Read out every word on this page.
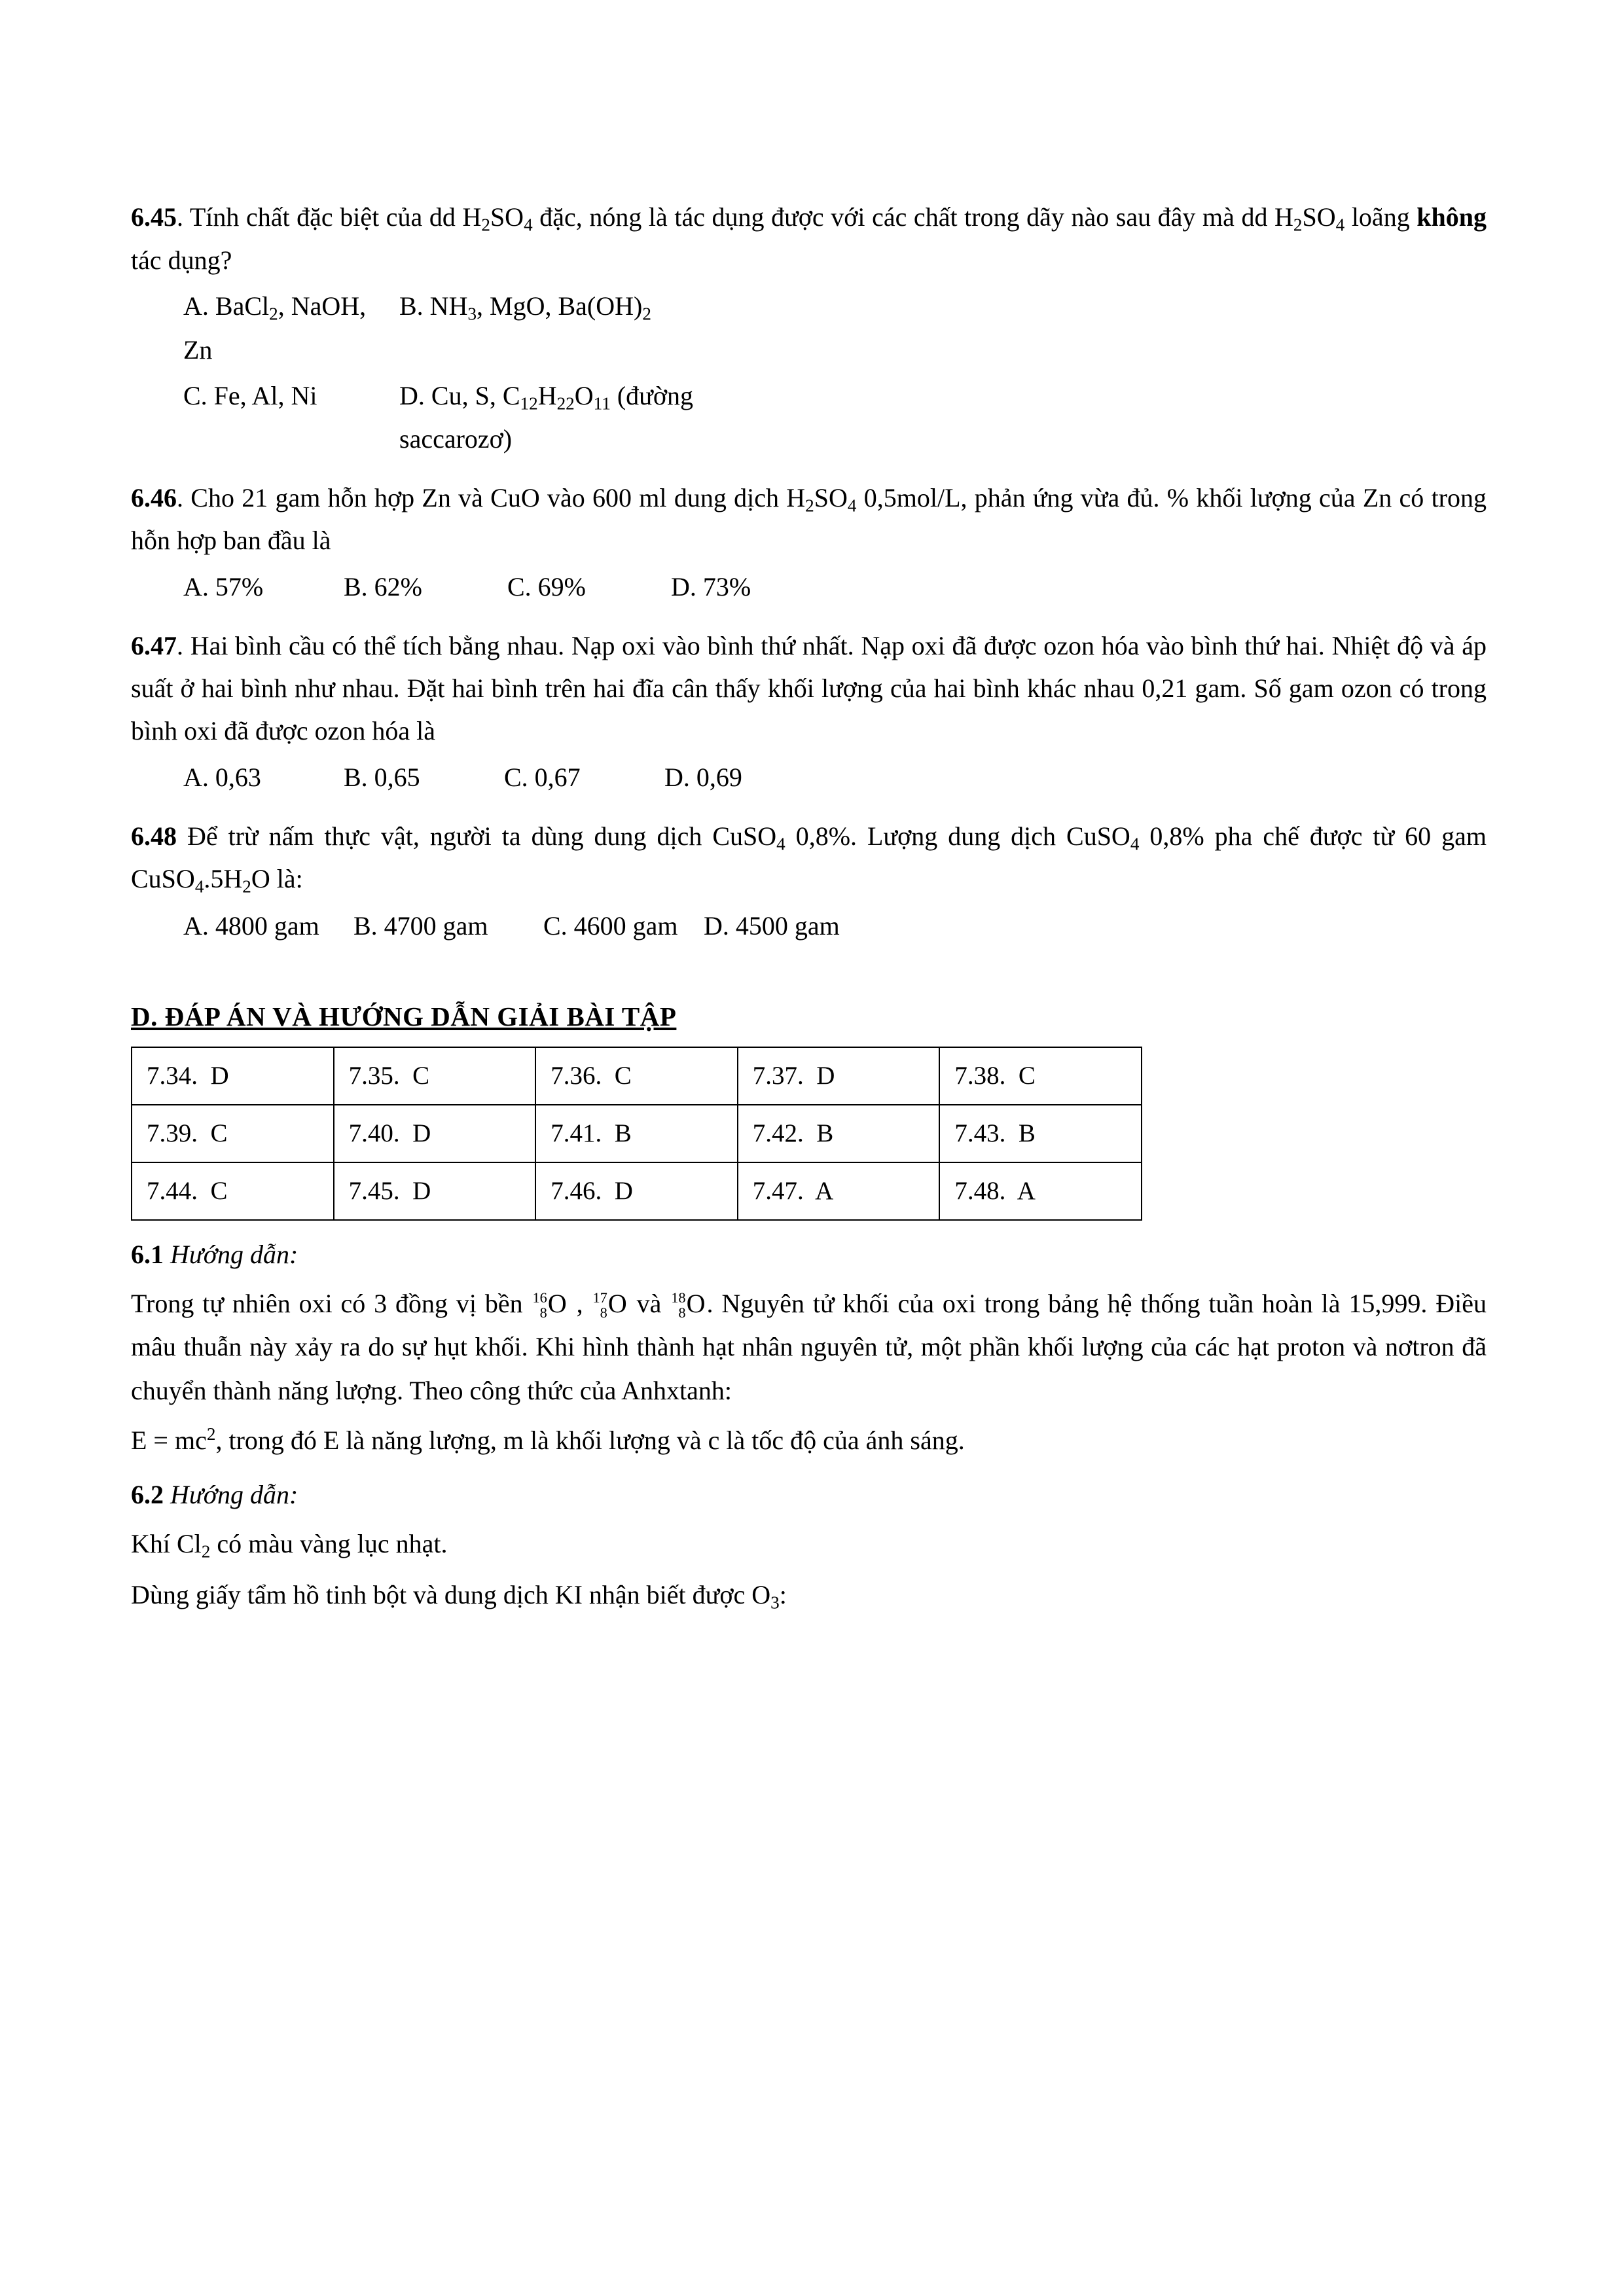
6.45. Tính chất đặc biệt của dd $H_2SO_4$ đặc, nóng là tác dụng được với các chất trong dãy nào sau đây mà dd $H_2SO_4$ loãng không tác dụng?

A. BaCl$_2$, NaOH, Zn
B. $NH_3$, MgO, $Ba(OH)_2$
C. Fe, Al, Ni	D. Cu, S, $C_{12}H_{22}O_{11}$ (đường saccarozơ)

6.46. Cho 21 gam hỗn hợp Zn và CuO vào 600 ml dung dịch $H_2SO_4$ 0,5mol/L, phản ứng vừa đủ. % khối lượng của Zn có trong hỗn hợp ban đầu là

A. 57%	B. 62%	C. 69%	D. 73%

6.47. Hai bình cầu có thể tích bằng nhau. Nạp oxi vào bình thứ nhất. Nạp oxi đã được ozon hóa vào bình thứ hai. Nhiệt độ và áp suất ở hai bình như nhau. Đặt hai bình trên hai đĩa cân thấy khối lượng của hai bình khác nhau 0,21 gam. Số gam ozon có trong bình oxi đã được ozon hóa là

A. 0,63	B. 0,65	C. 0,67	D. 0,69

6.48 Để trừ nấm thực vật, người ta dùng dung dịch CuSO$_4$ 0,8%. Lượng dung dịch CuSO$_4$ 0,8% pha chế được từ 60 gam $CuSO_4.5H_2O$ là:

A. 4800 gam	B. 4700 gam	C. 4600 gam D. 4500 gam
D. ĐÁP ÁN VÀ HƯỚNG DẪN GIẢI BÀI TẬP
7.34.  D	7.35.  C	7.36.  C	7.37.  D	7.38.  C
7.39.  C	7.40.  D	7.41.  B	7.42.  B	7.43.  B
7.44.  C	7.45.  D	7.46.  D	7.47.  A	7.48.  A
6.1 Hướng dẫn:

Trong tự nhiên oxi có 3 đồng vị bền 16
8 O , 17
8 O và 18
8 O. Nguyên tử khối của oxi trong bảng hệ thống tuần hoàn là 15,999. Điều mâu thuẫn này xảy ra do sự hụt khối. Khi hình thành hạt nhân nguyên tử, một phần khối lượng của các hạt proton và nơtron đã chuyển thành năng lượng. Theo công thức của Anhxtanh:

$E = mc^2$, trong đó E là năng lượng, m là khối lượng và c là tốc độ của ánh sáng.

6.2 Hướng dẫn:

Khí $Cl_2$ có màu vàng lục nhạt.

Dùng giấy tẩm hồ tinh bột và dung dịch KI nhận biết được $O_3$:
